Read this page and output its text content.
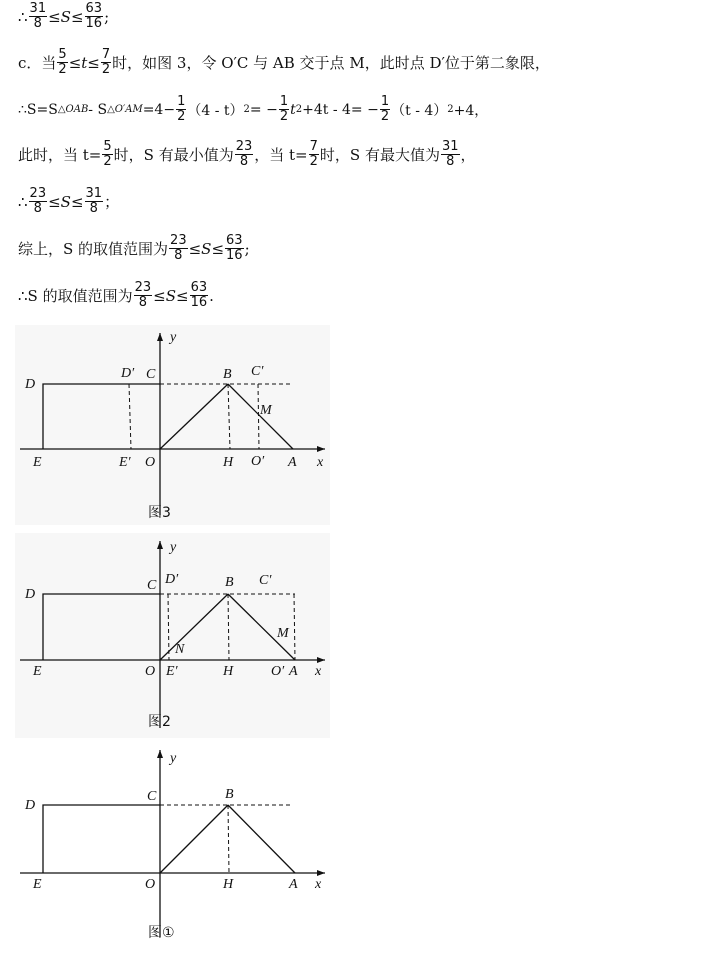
∴ $\frac{31}{8} \le S\le \frac{63}{16}$ ;
c．当 $\frac{5}{2} \le t\le \frac{7}{2}$ 时，如图 3，令 O′C 与 AB 交于点 M，此时点 D′位于第二象限，
∴S=S △OAB - S △O′AM $=4- \frac{1}{2} (4 - t) 2$ = − $\frac{1}{2}$ t $2 +4t - 4= - \frac{1}{2} (t - 4)$ 2 +4，
此时，当 $t= \frac{5}{2}$ 时，S 有最小值为 $\frac{23}{8}$ ，当 $t= \frac{7}{2}$ 时，S 有最大值为 $\frac{31}{8}$ ，
∴ $\frac{23}{8} \le S\le \frac{31}{8}$ ；
综上，S 的取值范围为 $\frac{23}{8} \le S\le \frac{63}{16}$ ;
∴S 的取值范围为 $\frac{23}{8} \le S\le \frac{63}{16}$ .
y
x
D
D′ C	B C′
M
E	E′ O	H O′ A
图3
y
x
D
C D′	B C′
M
N
E	O E′	H	O′ A
图2
y
x
D
C	B
E	O	H	A
图①
